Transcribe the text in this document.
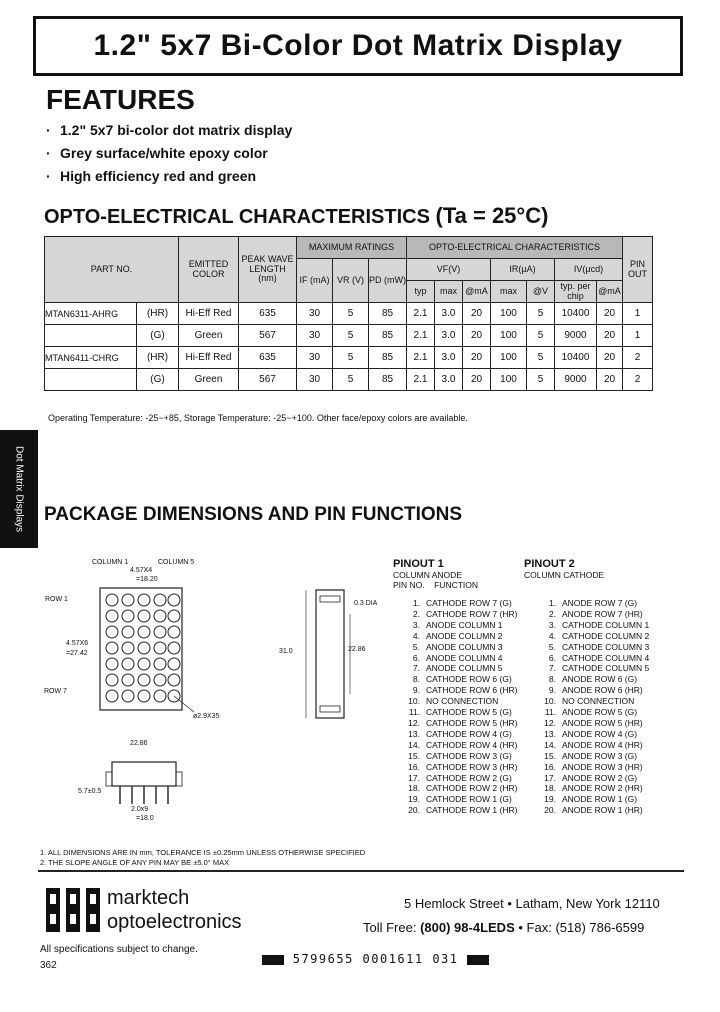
1.2" 5x7 Bi-Color Dot Matrix Display
FEATURES
· 1.2" 5x7 bi-color dot matrix display
· Grey surface/white epoxy color
· High efficiency red and green
OPTO-ELECTRICAL CHARACTERISTICS (Ta = 25°C)
PART NO.		EMITTED COLOR	PEAK WAVE LENGTH (nm)	MAXIMUM RATINGS			OPTO-ELECTRICAL CHARACTERISTICS							PIN OUT
				IF (mA)	VR (V)	PD (mW)	VF(V)			IR(µA)		IV(µcd)		
							typ	max	@mA	max	@V	typ. per chip	@mA	
MTAN6311-AHRG	(HR)	Hi-Eff Red	635	30	5	85	2.1	3.0	20	100	5	10400	20	1
	(G)	Green	567	30	5	85	2.1	3.0	20	100	5	9000	20	1
MTAN6411-CHRG	(HR)	Hi-Eff Red	635	30	5	85	2.1	3.0	20	100	5	10400	20	2
	(G)	Green	567	30	5	85	2.1	3.0	20	100	5	9000	20	2
Operating Temperature: -25~+85, Storage Temperature: -25~+100. Other face/epoxy colors are available.
Dot Matrix Displays PACKAGE DIMENSIONS AND PIN FUNCTIONS
COLUMN 1	COLUMN 5
4.57X4
=18.20
ROW 1
ROW 7
4.57X6
=27.42
ø2.9X35
0.3 DIA
31.0	22.86
22.86
5.7±0.5
2.0x9
=18.0
PINOUT 1
COLUMN ANODE
PIN NO. FUNCTION
1. CATHODE ROW 7 (G)
2. CATHODE ROW 7 (HR)
3. ANODE COLUMN 1
4. ANODE COLUMN 2
5. ANODE COLUMN 3
6. ANODE COLUMN 4
7. ANODE COLUMN 5
8. CATHODE ROW 6 (G)
9. CATHODE ROW 6 (HR)
10. NO CONNECTION
11. CATHODE ROW 5 (G)
12. CATHODE ROW 5 (HR)
13. CATHODE ROW 4 (G)
14. CATHODE ROW 4 (HR)
15. CATHODE ROW 3 (G)
16. CATHODE ROW 3 (HR)
17. CATHODE ROW 2 (G)
18. CATHODE ROW 2 (HR)
19. CATHODE ROW 1 (G)
20. CATHODE ROW 1 (HR)
PINOUT 2
COLUMN CATHODE
1. ANODE ROW 7 (G)
2. ANODE ROW 7 (HR)
3. CATHODE COLUMN 1
4. CATHODE COLUMN 2
5. CATHODE COLUMN 3
6. CATHODE COLUMN 4
7. CATHODE COLUMN 5
8. ANODE ROW 6 (G)
9. ANODE ROW 6 (HR)
10. NO CONNECTION
11. ANODE ROW 5 (G)
12. ANODE ROW 5 (HR)
13. ANODE ROW 4 (G)
14. ANODE ROW 4 (HR)
15. ANODE ROW 3 (G)
16. ANODE ROW 3 (HR)
17. ANODE ROW 2 (G)
18. ANODE ROW 2 (HR)
19. ANODE ROW 1 (G)
20. ANODE ROW 1 (HR)
1. ALL DIMENSIONS ARE IN mm, TOLERANCE IS ±0.25mm UNLESS OTHERWISE SPECIFIED
2. THE SLOPE ANGLE OF ANY PIN MAY BE ±5.0° MAX
marktech
optoelectronics
5 Hemlock Street • Latham, New York 12110
Toll Free: (800) 98-4LEDS • Fax: (518) 786-6599
All specifications subject to change.
362	5799655 0001611 031
